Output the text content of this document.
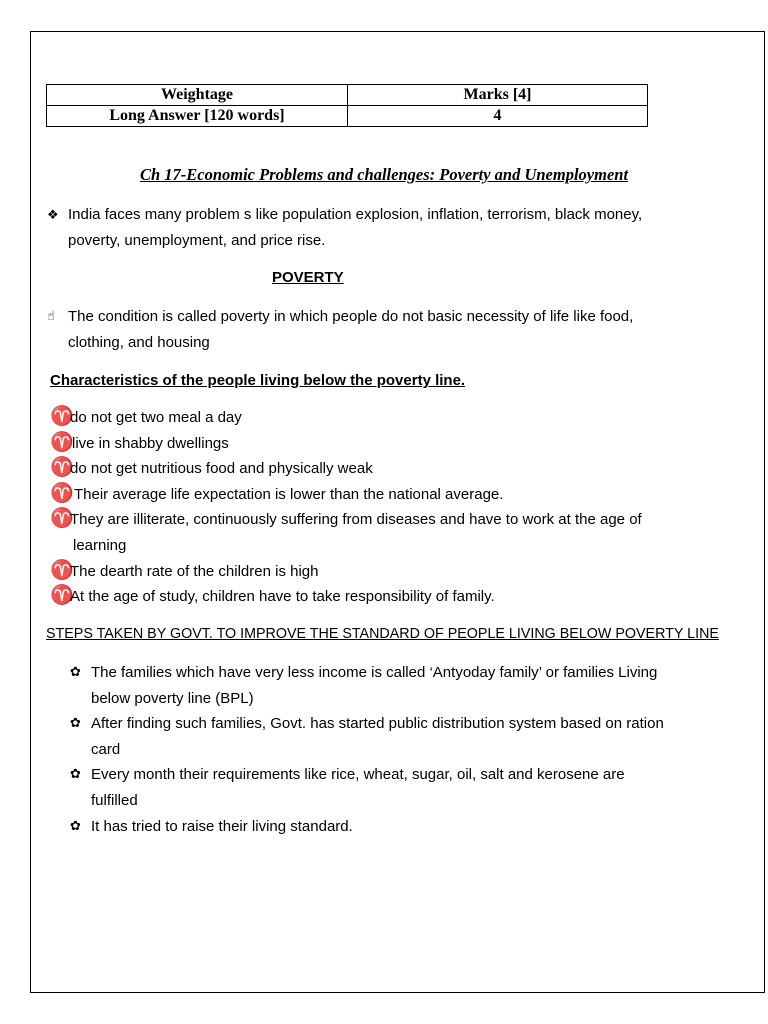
Weightage	Marks [4]
Long Answer [120 words]	4
Ch 17-Economic Problems and challenges: Poverty and Unemployment
❖ India faces many problem s like population explosion, inflation, terrorism, black money,
poverty, unemployment, and price rise.
POVERTY
☝ The condition is called poverty in which people do not basic necessity of life like food,
clothing, and housing
Characteristics of the people living below the poverty line.
♈
do not get two meal a day
♈
live in shabby dwellings
♈
do not get nutritious food and physically weak
♈ Their average life expectation is lower than the national average.
♈
They are illiterate, continuously suffering from diseases and have to work at the age of
learning
♈
The dearth rate of the children is high
♈
At the age of study, children have to take responsibility of family.
STEPS TAKEN BY GOVT. TO IMPROVE THE STANDARD OF PEOPLE LIVING BELOW POVERTY LINE
✿ The families which have very less income is called ‘Antyoday family’ or families Living
below poverty line (BPL)
✿ After finding such families, Govt. has started public distribution system based on ration
card
✿ Every month their requirements like rice, wheat, sugar, oil, salt and kerosene are
fulfilled
✿ It has tried to raise their living standard.
